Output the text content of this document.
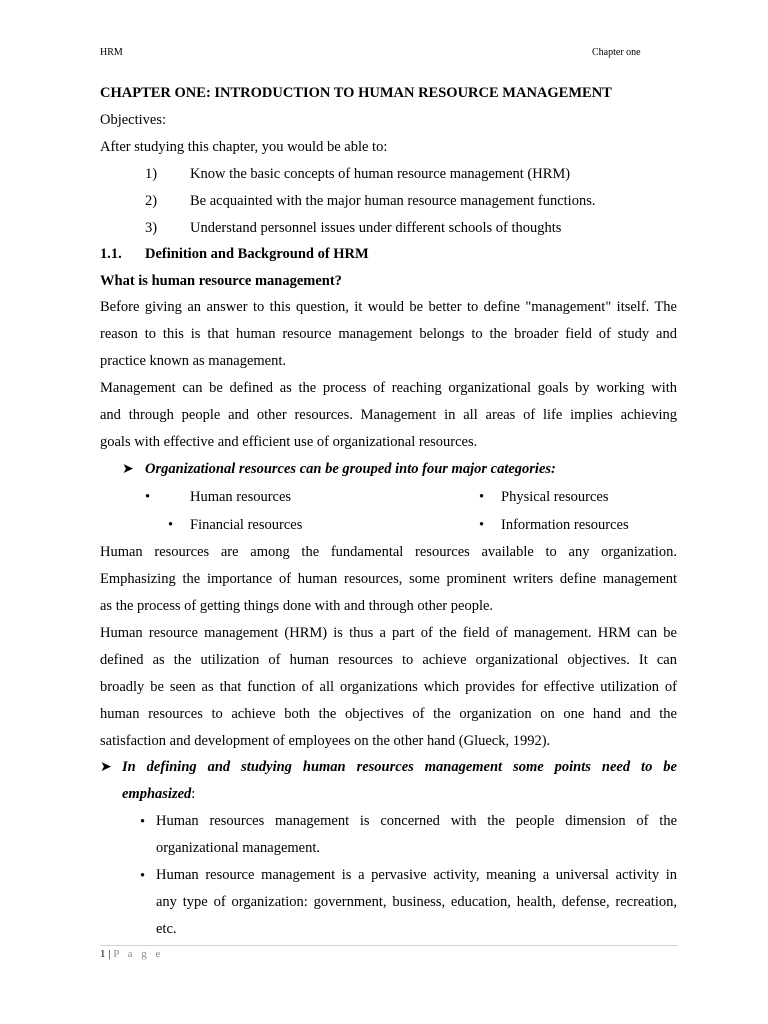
HRM	Chapter one
CHAPTER ONE: INTRODUCTION TO HUMAN RESOURCE MANAGEMENT
Objectives:
After studying this chapter, you would be able to:
1) Know the basic concepts of human resource management (HRM)
2) Be acquainted with the major human resource management functions.
3) Understand personnel issues under different schools of thoughts
1.1. Definition and Background of HRM
What is human resource management?
Before giving an answer to this question, it would be better to define "management" itself. The
reason to this is that human resource management belongs to the broader field of study and
practice known as management.
Management can be defined as the process of reaching organizational goals by working with
and through people and other resources. Management in all areas of life implies achieving
goals with effective and efficient use of organizational resources.
➤ Organizational resources can be grouped into four major categories:
•	Human resources	• Physical resources
• Financial resources	• Information resources
Human resources are among the fundamental resources available to any organization.
Emphasizing the importance of human resources, some prominent writers define management
as the process of getting things done with and through other people.
Human resource management (HRM) is thus a part of the field of management. HRM can be
defined as the utilization of human resources to achieve organizational objectives. It can
broadly be seen as that function of all organizations which provides for effective utilization of
human resources to achieve both the objectives of the organization on one hand and the
satisfaction and development of employees on the other hand (Glueck, 1992).
➤ In defining and studying human resources management some points need to be
emphasized:
• Human resources management is concerned with the people dimension of the
organizational management.
• Human resource management is a pervasive activity, meaning a universal activity in
any type of organization: government, business, education, health, defense, recreation,
etc.
1 | P a g e
